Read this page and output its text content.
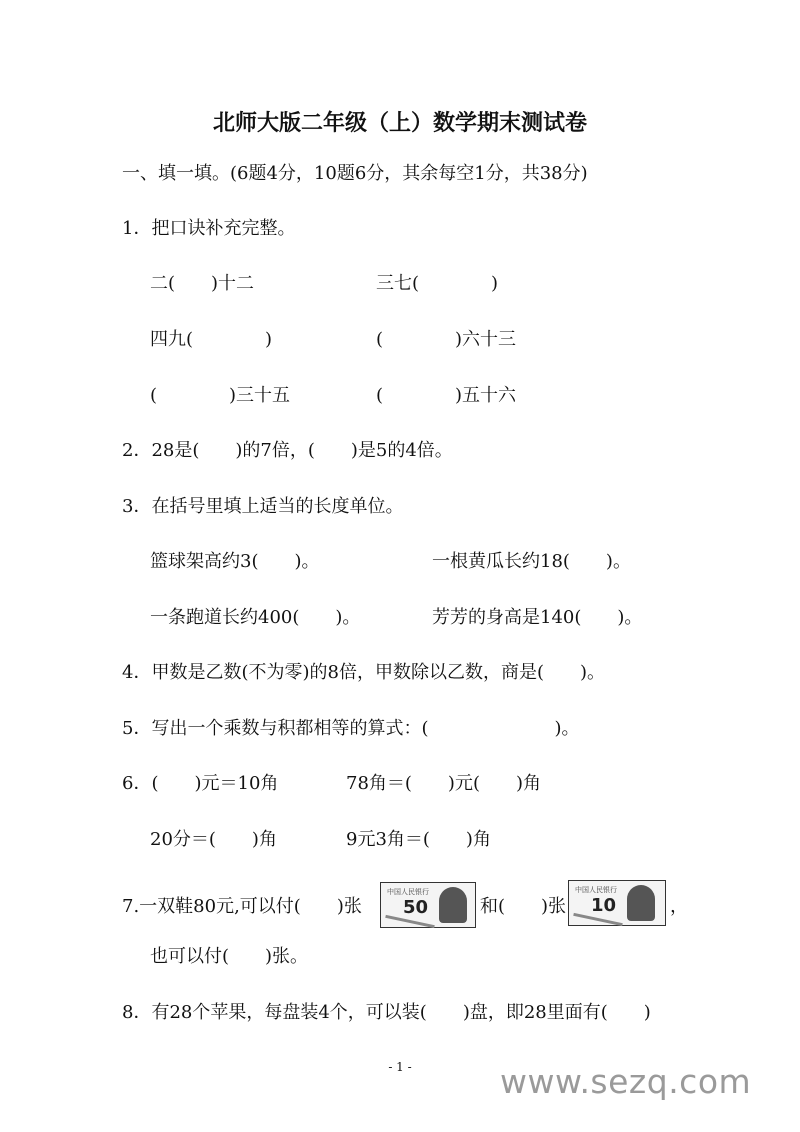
北师大版二年级（上）数学期末测试卷
一、填一填。(6题4分，10题6分，其余每空1分，共38分)
1．把口诀补充完整。
二(　　)十二	三七(　　　　)
四九(　　　　)	(　　　　)六十三
(　　　　)三十五	(　　　　)五十六
2．28是(　　)的7倍，(　　)是5的4倍。
3．在括号里填上适当的长度单位。
篮球架高约3(　　)。	一根黄瓜长约18(　　)。
一条跑道长约400(　　)。	芳芳的身高是140(　　)。
4．甲数是乙数(不为零)的8倍，甲数除以乙数，商是(　　)。
5．写出一个乘数与积都相等的算式：(　　　　　　　)。
6．(　　)元＝10角	78角＝(　　)元(　　)角
20分＝(　　)角	9元3角＝(　　)角
7.一双鞋80元,可以付(　　)张
中国人民银行
50	和(　　)张
中国人民银行
10	，
也可以付(　　)张。
8．有28个苹果，每盘装4个，可以装(　　)盘，即28里面有(　　)
- 1 -	www.sezq.com
